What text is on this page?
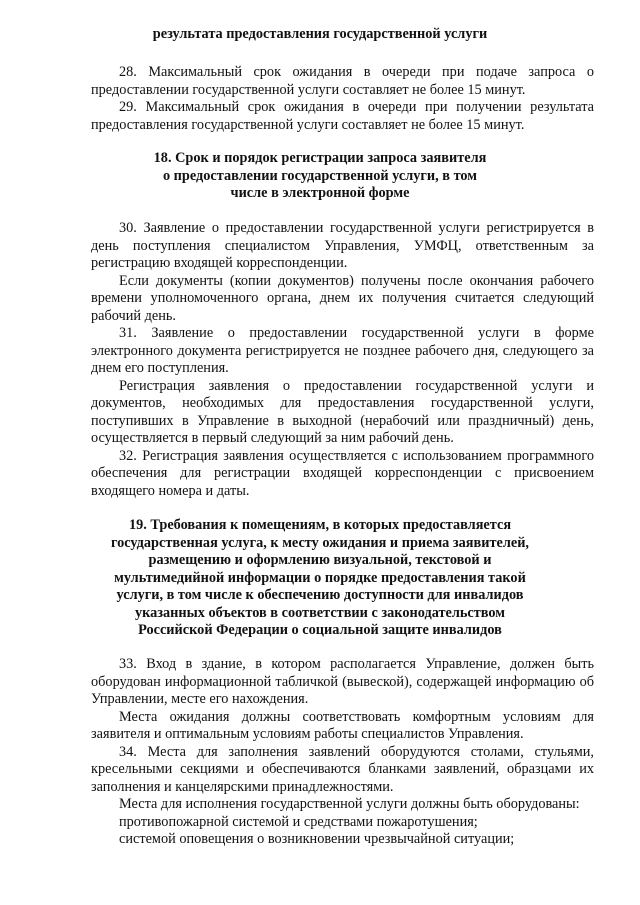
результата предоставления государственной услуги

28. Максимальный срок ожидания в очереди при подаче запроса о предоставлении государственной услуги составляет не более 15 минут.

29. Максимальный срок ожидания в очереди при получении результата предоставления государственной услуги составляет не более 15 минут.

18. Срок и порядок регистрации запроса заявителя о предоставлении государственной услуги, в том числе в электронной форме

30. Заявление о предоставлении государственной услуги регистрируется в день поступления специалистом Управления, УМФЦ, ответственным за регистрацию входящей корреспонденции.

Если документы (копии документов) получены после окончания рабочего времени уполномоченного органа, днем их получения считается следующий рабочий день.

31. Заявление о предоставлении государственной услуги в форме электронного документа регистрируется не позднее рабочего дня, следующего за днем его поступления.

Регистрация заявления о предоставлении государственной услуги и документов, необходимых для предоставления государственной услуги, поступивших в Управление в выходной (нерабочий или праздничный) день, осуществляется в первый следующий за ним рабочий день.

32. Регистрация заявления осуществляется с использованием программного обеспечения для регистрации входящей корреспонденции с присвоением входящего номера и даты.

19. Требования к помещениям, в которых предоставляется государственная услуга, к месту ожидания и приема заявителей, размещению и оформлению визуальной, текстовой и мультимедийной информации о порядке предоставления такой услуги, в том числе к обеспечению доступности для инвалидов указанных объектов в соответствии с законодательством Российской Федерации о социальной защите инвалидов

33. Вход в здание, в котором располагается Управление, должен быть оборудован информационной табличкой (вывеской), содержащей информацию об Управлении, месте его нахождения.

Места ожидания должны соответствовать комфортным условиям для заявителя и оптимальным условиям работы специалистов Управления.

34. Места для заполнения заявлений оборудуются столами, стульями, кресельными секциями и обеспечиваются бланками заявлений, образцами их заполнения и канцелярскими принадлежностями.

Места для исполнения государственной услуги должны быть оборудованы:

противопожарной системой и средствами пожаротушения;

системой оповещения о возникновении чрезвычайной ситуации;
